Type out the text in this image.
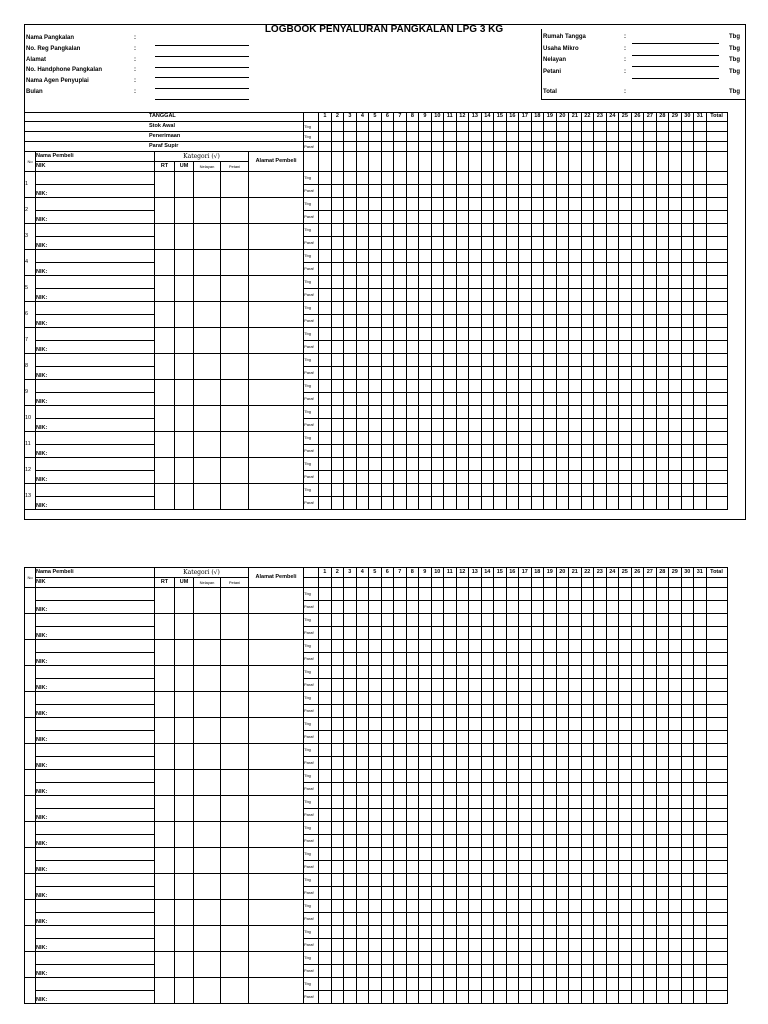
LOGBOOK PENYALURAN PANGKALAN LPG 3 KG
Nama Pangkalan	:
No. Reg Pangkalan	:
Alamat	:
No. Handphone Pangkalan	:
Nama Agen Penyuplai	:
Bulan	:
Rumah Tangga	:	Tbg
Usaha Mikro	:	Tbg
Nelayan	:	Tbg
Petani	:	Tbg
Total	:	Tbg
TANGGAL								1	2	3	4	5	6	7	8	9	10	11	12	13	14	15	16	17	18	19	20	21	22	23	24	25	26	27	28	29	30	31	Total
Stok Awal							Tbg																																
Penerimaan							Tbg																																
Paraf Supir							Paraf																																
No	Nama Pembeli	Kategori (√)				Alamat Pembeli																																	
	NIK	RT	UM	Nelayan	Petani																																		
1							Tbg																																
	NIK:						Paraf																																
2							Tbg																																
	NIK:						Paraf																																
3							Tbg																																
	NIK:						Paraf																																
4							Tbg																																
	NIK:						Paraf																																
5							Tbg																																
	NIK:						Paraf																																
6							Tbg																																
	NIK:						Paraf																																
7							Tbg																																
	NIK:						Paraf																																
8							Tbg																																
	NIK:						Paraf																																
9							Tbg																																
	NIK:						Paraf																																
10							Tbg																																
	NIK:						Paraf																																
11							Tbg																																
	NIK:						Paraf																																
12							Tbg																																
	NIK:						Paraf																																
13							Tbg																																
	NIK:						Paraf																																
No	Nama Pembeli	Kategori (√)				Alamat Pembeli		1	2	3	4	5	6	7	8	9	10	11	12	13	14	15	16	17	18	19	20	21	22	23	24	25	26	27	28	29	30	31	Total
	NIK	RT	UM	Nelayan	Petani																																		
							Tbg																																
	NIK:						Paraf																																
							Tbg																																
	NIK:						Paraf																																
							Tbg																																
	NIK:						Paraf																																
							Tbg																																
	NIK:						Paraf																																
							Tbg																																
	NIK:						Paraf																																
							Tbg																																
	NIK:						Paraf																																
							Tbg																																
	NIK:						Paraf																																
							Tbg																																
	NIK:						Paraf																																
							Tbg																																
	NIK:						Paraf																																
							Tbg																																
	NIK:						Paraf																																
							Tbg																																
	NIK:						Paraf																																
							Tbg																																
	NIK:						Paraf																																
							Tbg																																
	NIK:						Paraf																																
							Tbg																																
	NIK:						Paraf																																
							Tbg																																
	NIK:						Paraf																																
							Tbg																																
	NIK:						Paraf																																
